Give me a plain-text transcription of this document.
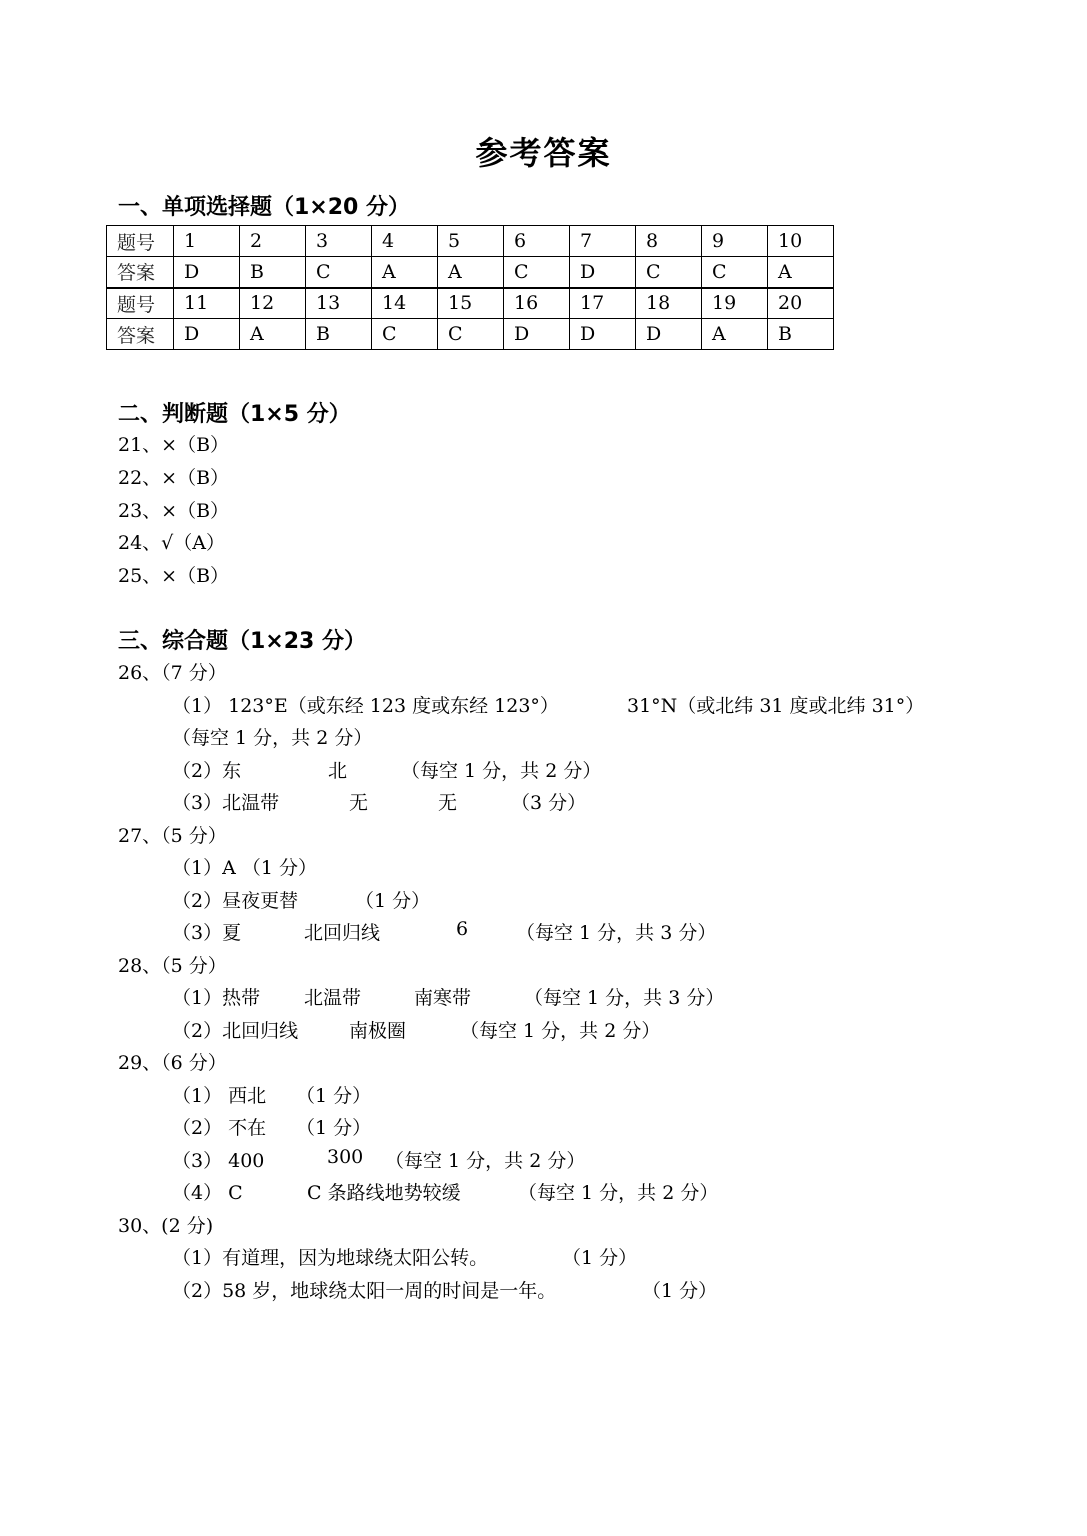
参考答案
一、单项选择题（1×20 分）
题号	1	2	3	4	5	6	7	8	9	10
答案	D	B	C	A	A	C	D	C	C	A
题号	11	12	13	14	15	16	17	18	19	20
答案	D	A	B	C	C	D	D	D	A	B
二、判断题（1×5 分）
21、×（B）
22、×（B）
23、×（B）
24、√（A）
25、×（B）
三、综合题（1×23 分）
26、（7 分）
（1） 123°E（或东经 123 度或东经 123°）	31°N（或北纬 31 度或北纬 31°）
（每空 1 分，共 2 分）
（2）东	北	（每空 1 分，共 2 分）
（3）北温带	无	无	（3 分）
27、（5 分）
（1）A （1 分）
（2）昼夜更替	（1 分）
（3）夏	北回归线	6	（每空 1 分，共 3 分）
28、（5 分）
（1）热带 北温带	南寒带	（每空 1 分，共 3 分）
（2）北回归线	南极圈	（每空 1 分，共 2 分）
29、（6 分）
（1） 西北 （1 分）
（2） 不在 （1 分）
（3） 400	300 （每空 1 分，共 2 分）
（4） C	C 条路线地势较缓	（每空 1 分，共 2 分）
30、(2 分)
（1）有道理，因为地球绕太阳公转。	（1 分）
（2）58 岁，地球绕太阳一周的时间是一年。	（1 分）
